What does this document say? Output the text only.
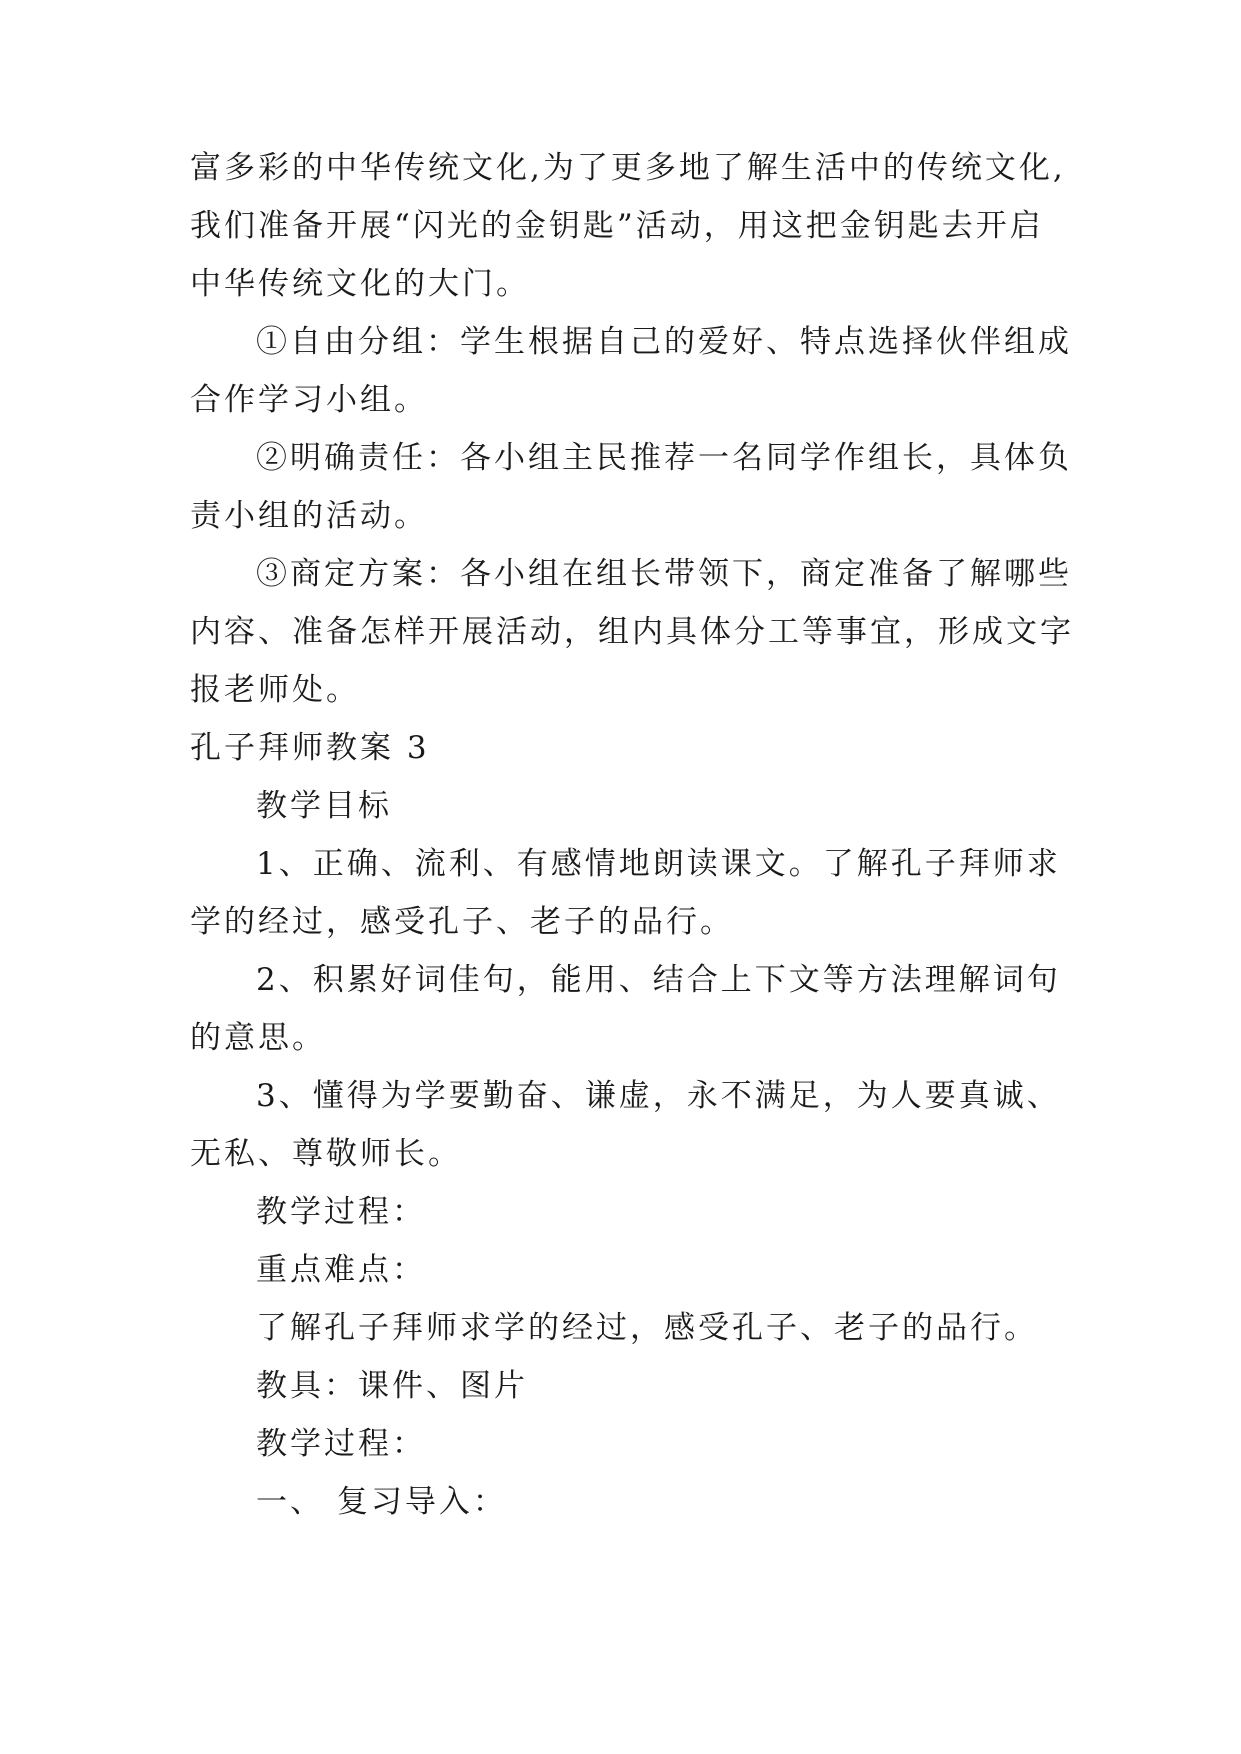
富多彩的中华传统文化,为了更多地了解生活中的传统文化,
我们准备开展“闪光的金钥匙”活动，用这把金钥匙去开启
中华传统文化的大门。
①自由分组：学生根据自己的爱好、特点选择伙伴组成
合作学习小组。
②明确责任：各小组主民推荐一名同学作组长，具体负
责小组的活动。
③商定方案：各小组在组长带领下，商定准备了解哪些
内容、准备怎样开展活动，组内具体分工等事宜，形成文字
报老师处。
孔子拜师教案 3
教学目标
1、正确、流利、有感情地朗读课文。了解孔子拜师求
学的经过，感受孔子、老子的品行。
2、积累好词佳句，能用、结合上下文等方法理解词句
的意思。
3、懂得为学要勤奋、谦虚，永不满足，为人要真诚、
无私、尊敬师长。
教学过程：
重点难点：
了解孔子拜师求学的经过，感受孔子、老子的品行。
教具：课件、图片
教学过程：
一、 复习导入：
